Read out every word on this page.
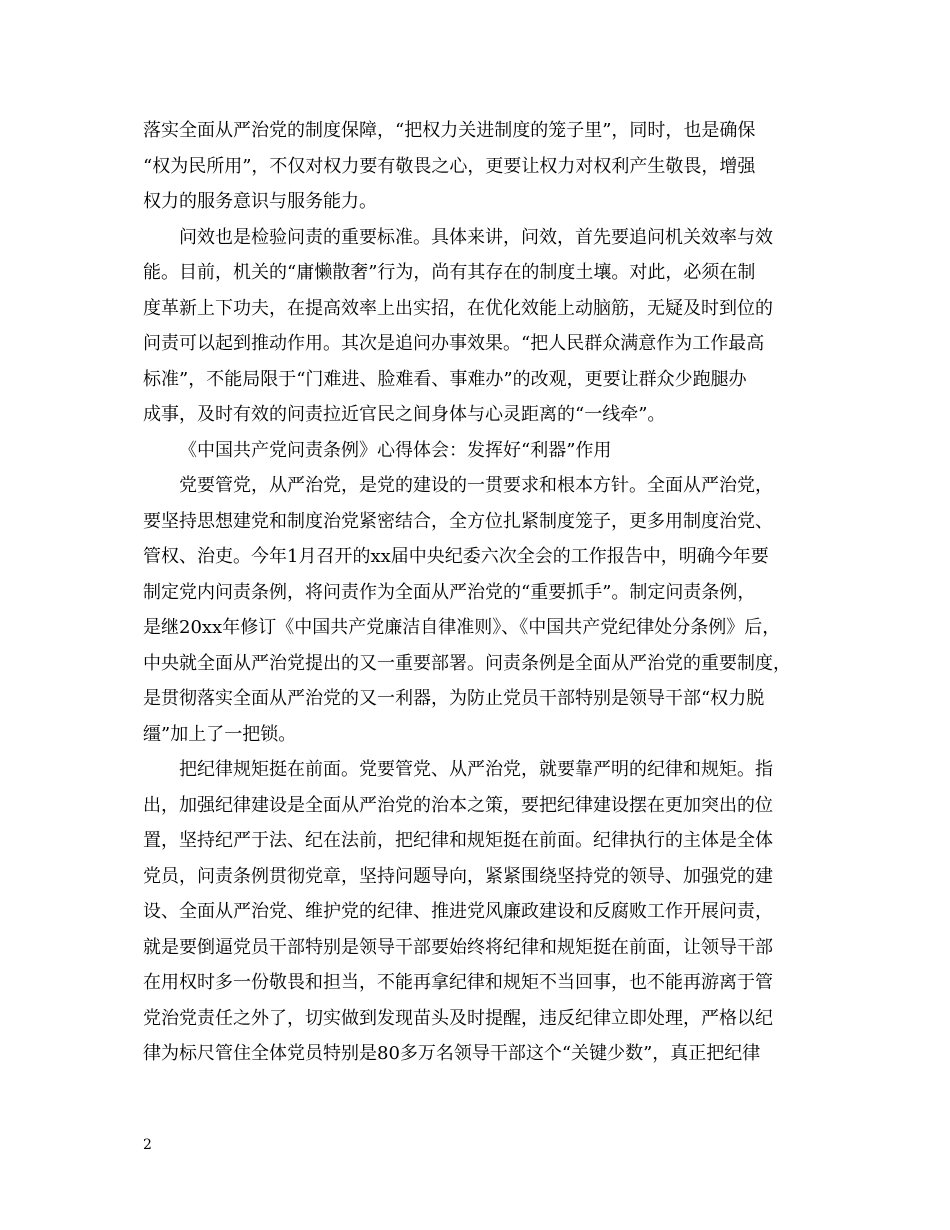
落实全面从严治党的制度保障，“把权力关进制度的笼子里”，同时，也是确保
“权为民所用”，不仅对权力要有敬畏之心，更要让权力对权利产生敬畏，增强
权力的服务意识与服务能力。
问效也是检验问责的重要标准。具体来讲，问效，首先要追问机关效率与效
能。目前，机关的“庸懒散奢”行为，尚有其存在的制度土壤。对此，必须在制
度革新上下功夫，在提高效率上出实招，在优化效能上动脑筋，无疑及时到位的
问责可以起到推动作用。其次是追问办事效果。“把人民群众满意作为工作最高
标准”，不能局限于“门难进、脸难看、事难办”的改观，更要让群众少跑腿办
成事，及时有效的问责拉近官民之间身体与心灵距离的“一线牵”。
《中国共产党问责条例》心得体会：发挥好“利器”作用
党要管党，从严治党，是党的建设的一贯要求和根本方针。全面从严治党，
要坚持思想建党和制度治党紧密结合，全方位扎紧制度笼子，更多用制度治党、
管权、治吏。今年1月召开的xx届中央纪委六次全会的工作报告中，明确今年要
制定党内问责条例，将问责作为全面从严治党的“重要抓手”。制定问责条例，
是继20xx年修订《中国共产党廉洁自律准则》、《中国共产党纪律处分条例》后，
中央就全面从严治党提出的又一重要部署。问责条例是全面从严治党的重要制度，
是贯彻落实全面从严治党的又一利器，为防止党员干部特别是领导干部“权力脱
缰”加上了一把锁。
把纪律规矩挺在前面。党要管党、从严治党，就要靠严明的纪律和规矩。指
出，加强纪律建设是全面从严治党的治本之策，要把纪律建设摆在更加突出的位
置，坚持纪严于法、纪在法前，把纪律和规矩挺在前面。纪律执行的主体是全体
党员，问责条例贯彻党章，坚持问题导向，紧紧围绕坚持党的领导、加强党的建
设、全面从严治党、维护党的纪律、推进党风廉政建设和反腐败工作开展问责，
就是要倒逼党员干部特别是领导干部要始终将纪律和规矩挺在前面，让领导干部
在用权时多一份敬畏和担当，不能再拿纪律和规矩不当回事，也不能再游离于管
党治党责任之外了，切实做到发现苗头及时提醒，违反纪律立即处理，严格以纪
律为标尺管住全体党员特别是80多万名领导干部这个“关键少数”，真正把纪律
2
